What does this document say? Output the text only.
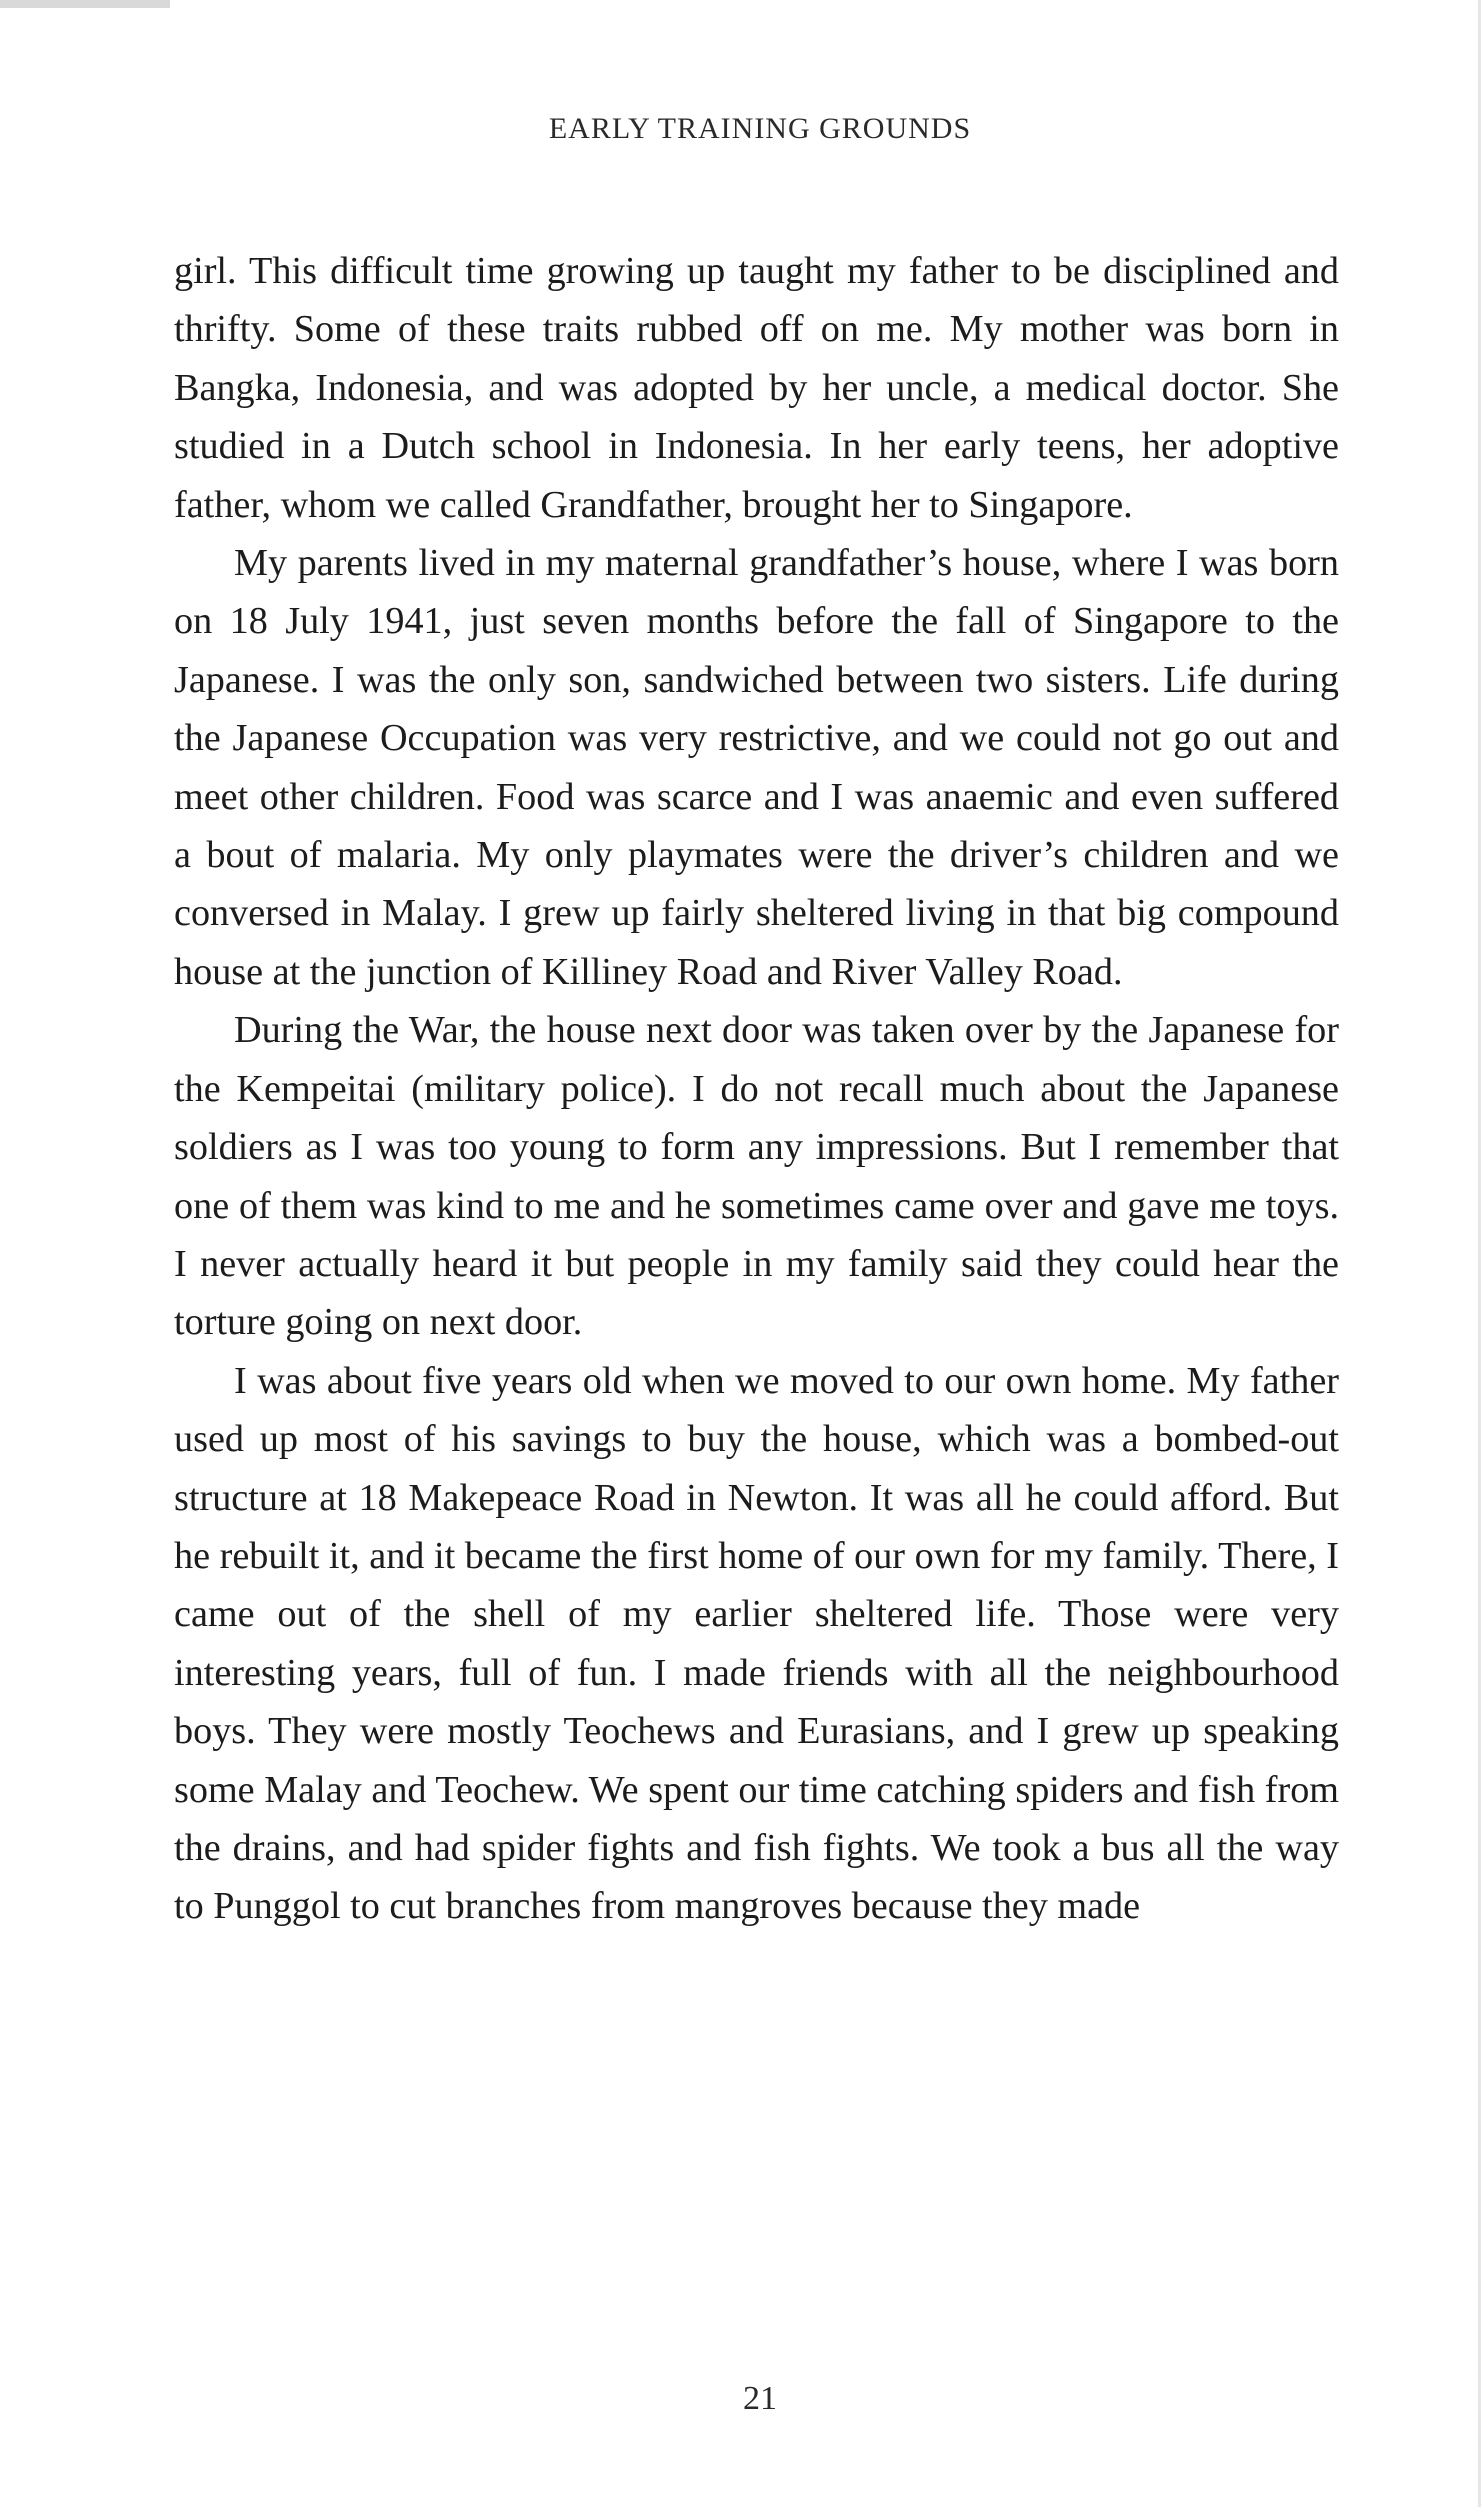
EARLY TRAINING GROUNDS

girl. This difficult time growing up taught my father to be disciplined and thrifty. Some of these traits rubbed off on me. My mother was born in Bangka, Indonesia, and was adopted by her uncle, a medical doctor. She studied in a Dutch school in Indonesia. In her early teens, her adoptive father, whom we called Grandfather, brought her to Singapore.

My parents lived in my maternal grandfather’s house, where I was born on 18 July 1941, just seven months before the fall of Singapore to the Japanese. I was the only son, sandwiched between two sisters. Life during the Japanese Occupation was very restrictive, and we could not go out and meet other children. Food was scarce and I was anaemic and even suffered a bout of malaria. My only playmates were the driver’s children and we conversed in Malay. I grew up fairly sheltered living in that big compound house at the junction of Killiney Road and River Valley Road.

During the War, the house next door was taken over by the Japanese for the Kempeitai (military police). I do not recall much about the Japanese soldiers as I was too young to form any impressions. But I remember that one of them was kind to me and he sometimes came over and gave me toys. I never actually heard it but people in my family said they could hear the torture going on next door.

I was about five years old when we moved to our own home. My father used up most of his savings to buy the house, which was a bombed-out structure at 18 Makepeace Road in Newton. It was all he could afford. But he rebuilt it, and it became the first home of our own for my family. There, I came out of the shell of my earlier sheltered life. Those were very interesting years, full of fun. I made friends with all the neighbourhood boys. They were mostly Teochews and Eurasians, and I grew up speaking some Malay and Teochew. We spent our time catching spiders and fish from the drains, and had spider fights and fish fights. We took a bus all the way to Punggol to cut branches from mangroves because they made

21
